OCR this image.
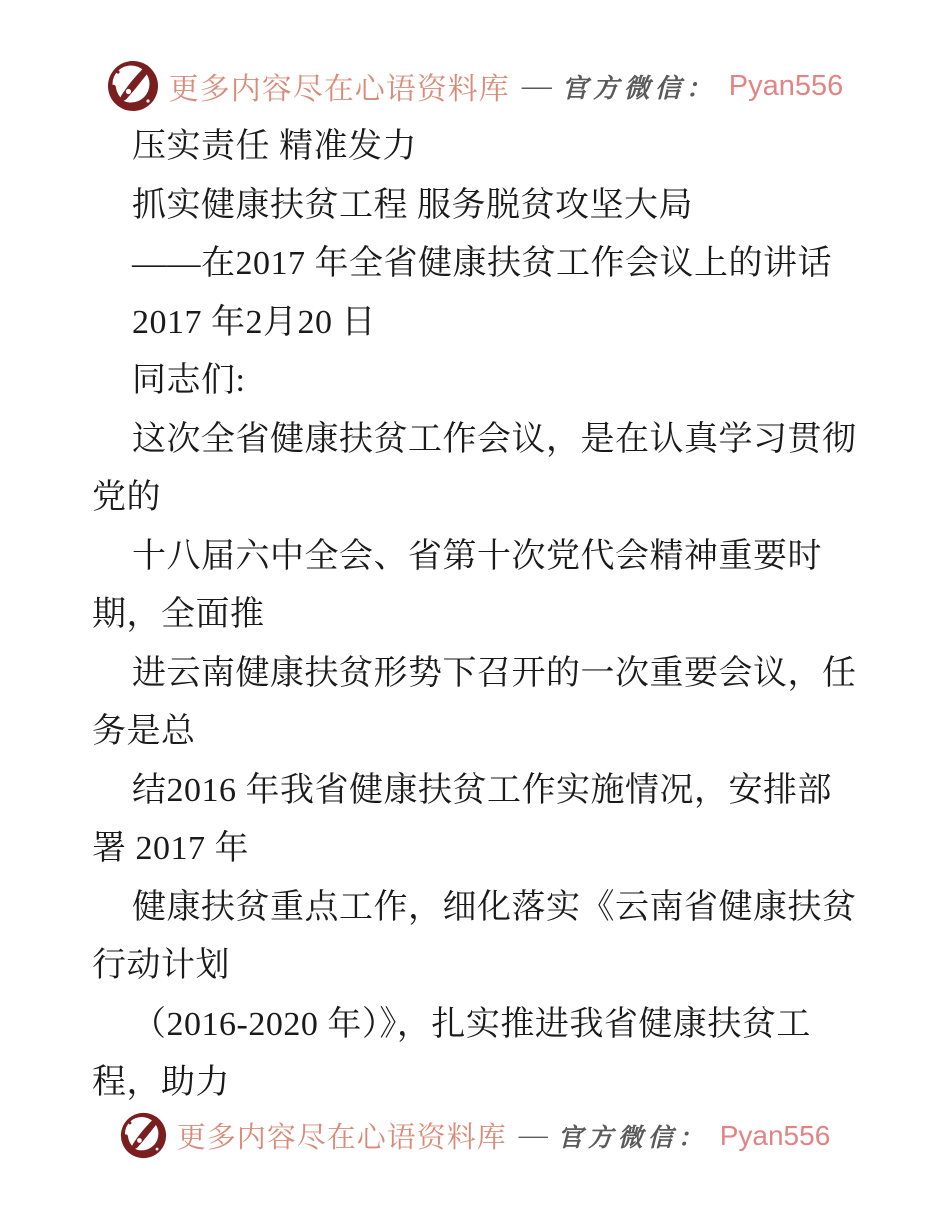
更多内容尽在心语资料库 — 官方微信： Pyan556
压实责任 精准发力
抓实健康扶贫工程 服务脱贫攻坚大局
——在2017 年全省健康扶贫工作会议上的讲话
2017 年2月20 日
同志们:
这次全省健康扶贫工作会议，是在认真学习贯彻
党的
十八届六中全会、省第十次党代会精神重要时
期，全面推
进云南健康扶贫形势下召开的一次重要会议，任
务是总
结2016 年我省健康扶贫工作实施情况，安排部
署 2017 年
健康扶贫重点工作，细化落实《云南省健康扶贫
行动计划
（2016-2020 年）》，扎实推进我省健康扶贫工
程，助力
更多内容尽在心语资料库 — 官方微信： Pyan556
